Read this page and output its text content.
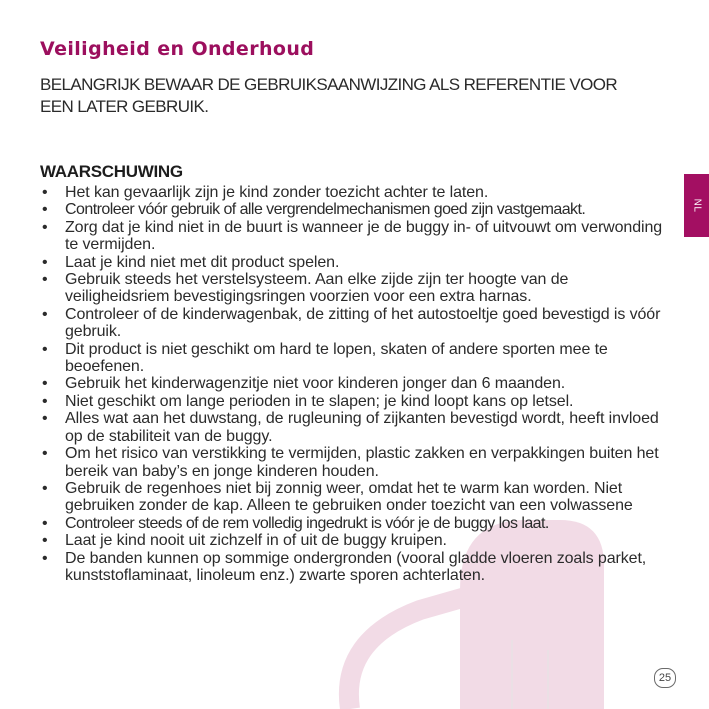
Veiligheid en Onderhoud

BELANGRIJK BEWAAR DE GEBRUIKSAANWIJZING ALS REFERENTIE VOOR EEN LATER GEBRUIK.

NL
WAARSCHUWING
• Het kan gevaarlijk zijn je kind zonder toezicht achter te laten.
• Controleer vóór gebruik of alle vergrendelmechanismen goed zijn vastgemaakt.
• Zorg dat je kind niet in de buurt is wanneer je de buggy in- of uitvouwt om verwonding te vermijden.
• Laat je kind niet met dit product spelen.
• Gebruik steeds het verstelsysteem. Aan elke zijde zijn ter hoogte van de veiligheidsriem bevestigingsringen voorzien voor een extra harnas.
• Controleer of de kinderwagenbak, de zitting of het autostoeltje goed bevestigd is vóór gebruik.
• Dit product is niet geschikt om hard te lopen, skaten of andere sporten mee te beoefenen.
• Gebruik het kinderwagenzitje niet voor kinderen jonger dan 6 maanden.
• Niet geschikt om lange perioden in te slapen; je kind loopt kans op letsel.
• Alles wat aan het duwstang, de rugleuning of zijkanten bevestigd wordt, heeft invloed op de stabiliteit van de buggy.
• Om het risico van verstikking te vermijden, plastic zakken en verpakkingen buiten het bereik van baby’s en jonge kinderen houden.
• Gebruik de regenhoes niet bij zonnig weer, omdat het te warm kan worden. Niet gebruiken zonder de kap. Alleen te gebruiken onder toezicht van een volwassene
• Controleer steeds of de rem volledig ingedrukt is vóór je de buggy los laat.
• Laat je kind nooit uit zichzelf in of uit de buggy kruipen.
• De banden kunnen op sommige ondergronden (vooral gladde vloeren zoals parket, kunststoflaminaat, linoleum enz.) zwarte sporen achterlaten.
25
